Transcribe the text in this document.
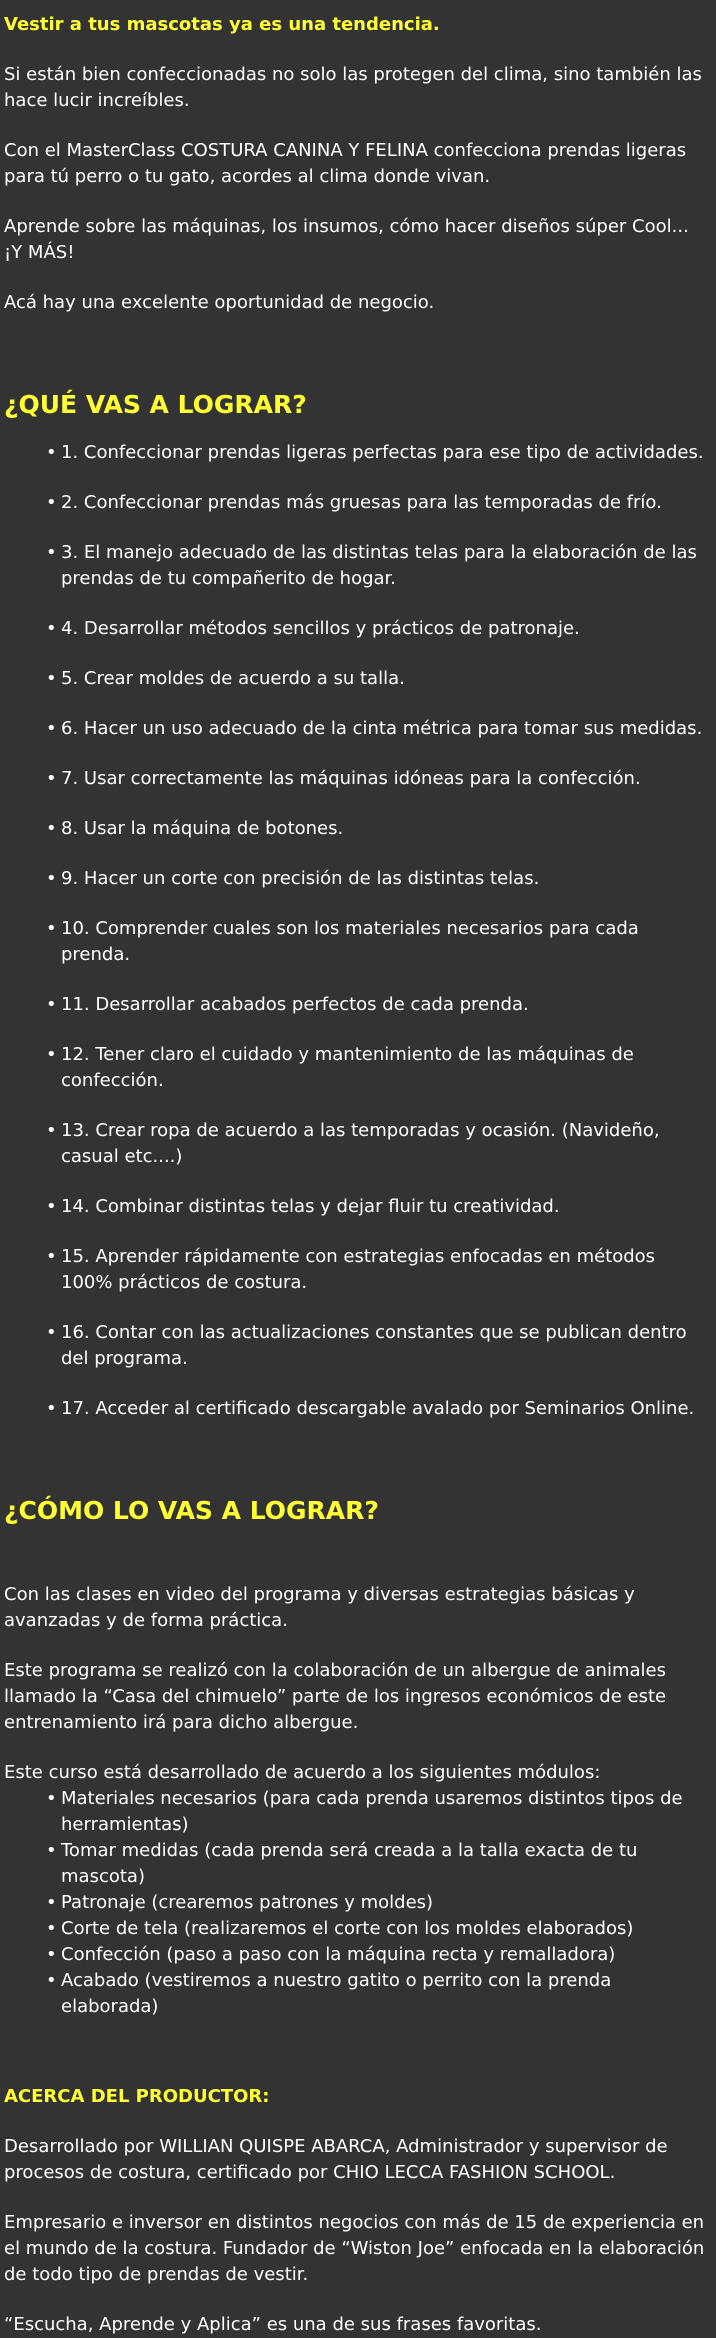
Vestir a tus mascotas ya es una tendencia.

Si están bien confeccionadas no solo las protegen del clima, sino también las hace lucir increíbles.

Con el MasterClass COSTURA CANINA Y FELINA confecciona prendas ligeras para tú perro o tu gato, acordes al clima donde vivan.

Aprende sobre las máquinas, los insumos, cómo hacer diseños súper Cool... ¡Y MÁS!

Acá hay una excelente oportunidad de negocio.

¿QUÉ VAS A LOGRAR?
• 1. Confeccionar prendas ligeras perfectas para ese tipo de actividades.
• 2. Confeccionar prendas más gruesas para las temporadas de frío.
• 3. El manejo adecuado de las distintas telas para la elaboración de las prendas de tu compañerito de hogar.
• 4. Desarrollar métodos sencillos y prácticos de patronaje.
• 5. Crear moldes de acuerdo a su talla.
• 6. Hacer un uso adecuado de la cinta métrica para tomar sus medidas.
• 7. Usar correctamente las máquinas idóneas para la confección.
• 8. Usar la máquina de botones.
• 9. Hacer un corte con precisión de las distintas telas.
• 10. Comprender cuales son los materiales necesarios para cada prenda.
• 11. Desarrollar acabados perfectos de cada prenda.
• 12. Tener claro el cuidado y mantenimiento de las máquinas de confección.
• 13. Crear ropa de acuerdo a las temporadas y ocasión. (Navideño, casual etc....)
• 14. Combinar distintas telas y dejar fluir tu creatividad.
• 15. Aprender rápidamente con estrategias enfocadas en métodos 100% prácticos de costura.
• 16. Contar con las actualizaciones constantes que se publican dentro del programa.
• 17. Acceder al certificado descargable avalado por Seminarios Online.
¿CÓMO LO VAS A LOGRAR?

Con las clases en video del programa y diversas estrategias básicas y avanzadas y de forma práctica.

Este programa se realizó con la colaboración de un albergue de animales llamado la “Casa del chimuelo” parte de los ingresos económicos de este entrenamiento irá para dicho albergue.

Este curso está desarrollado de acuerdo a los siguientes módulos:

• Materiales necesarios (para cada prenda usaremos distintos tipos de herramientas)
• Tomar medidas (cada prenda será creada a la talla exacta de tu mascota)
• Patronaje (crearemos patrones y moldes)
• Corte de tela (realizaremos el corte con los moldes elaborados)
• Confección (paso a paso con la máquina recta y remalladora)
• Acabado (vestiremos a nuestro gatito o perrito con la prenda elaborada)

ACERCA DEL PRODUCTOR:

Desarrollado por WILLIAN QUISPE ABARCA, Administrador y supervisor de procesos de costura, certificado por CHIO LECCA FASHION SCHOOL.

Empresario e inversor en distintos negocios con más de 15 de experiencia en el mundo de la costura. Fundador de “Wiston Joe” enfocada en la elaboración de todo tipo de prendas de vestir.

“Escucha, Aprende y Aplica” es una de sus frases favoritas.
